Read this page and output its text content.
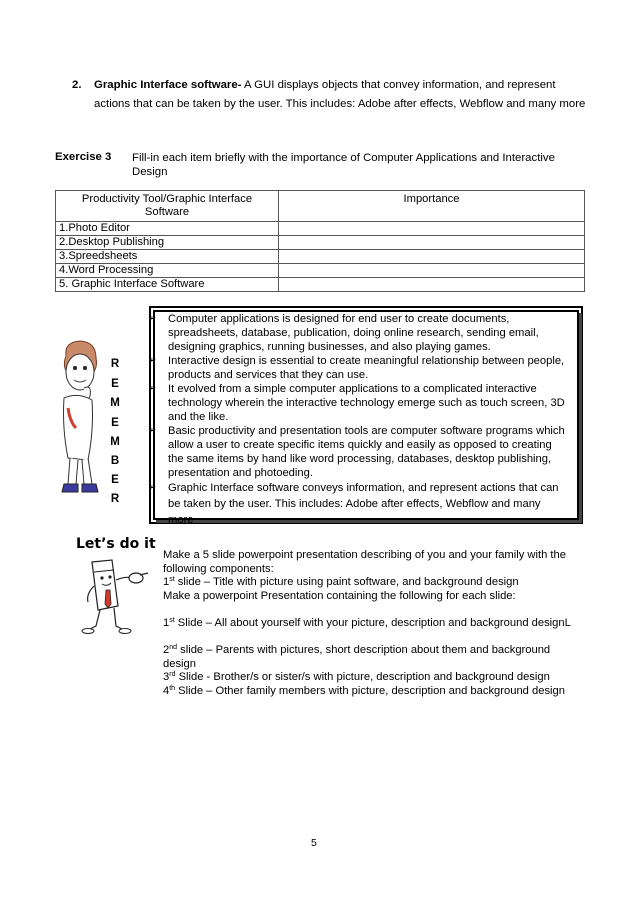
2. Graphic Interface software- A GUI displays objects that convey information, and represent actions that can be taken by the user. This includes: Adobe after effects, Webflow and many more
Exercise 3 Fill-in each item briefly with the importance of Computer Applications and Interactive Design
Productivity Tool/Graphic Interface Software	Importance
1.Photo Editor	
2.Desktop Publishing	
3.Spreedsheets	
4.Word Processing	
5. Graphic Interface Software	
R
E
M
E
M
B
E
R
➢ Computer applications is designed for end user to create documents, spreadsheets, database, publication, doing online research, sending email, designing graphics, running businesses, and also playing games.
➢ Interactive design is essential to create meaningful relationship between people, products and services that they can use.
➢ It evolved from a simple computer applications to a complicated interactive technology wherein the interactive technology emerge such as touch screen, 3D and the like.
➢ Basic productivity and presentation tools are computer software programs which allow a user to create specific items quickly and easily as opposed to creating the same items by hand like word processing, databases, desktop publishing, presentation and photoeding.
➢ Graphic Interface software conveys information, and represent actions that can be taken by the user. This includes: Adobe after effects, Webflow and many more
Let’s do it
Make a 5 slide powerpoint presentation describing of you and your family with the following components:
1st slide – Title with picture using paint software, and background design
Make a powerpoint Presentation containing the following for each slide:
1st Slide – All about yourself with your picture, description and background designL
2nd slide – Parents with pictures, short description about them and background design
3rd Slide - Brother/s or sister/s with picture, description and background design
4th Slide – Other family members with picture, description and background design
5
